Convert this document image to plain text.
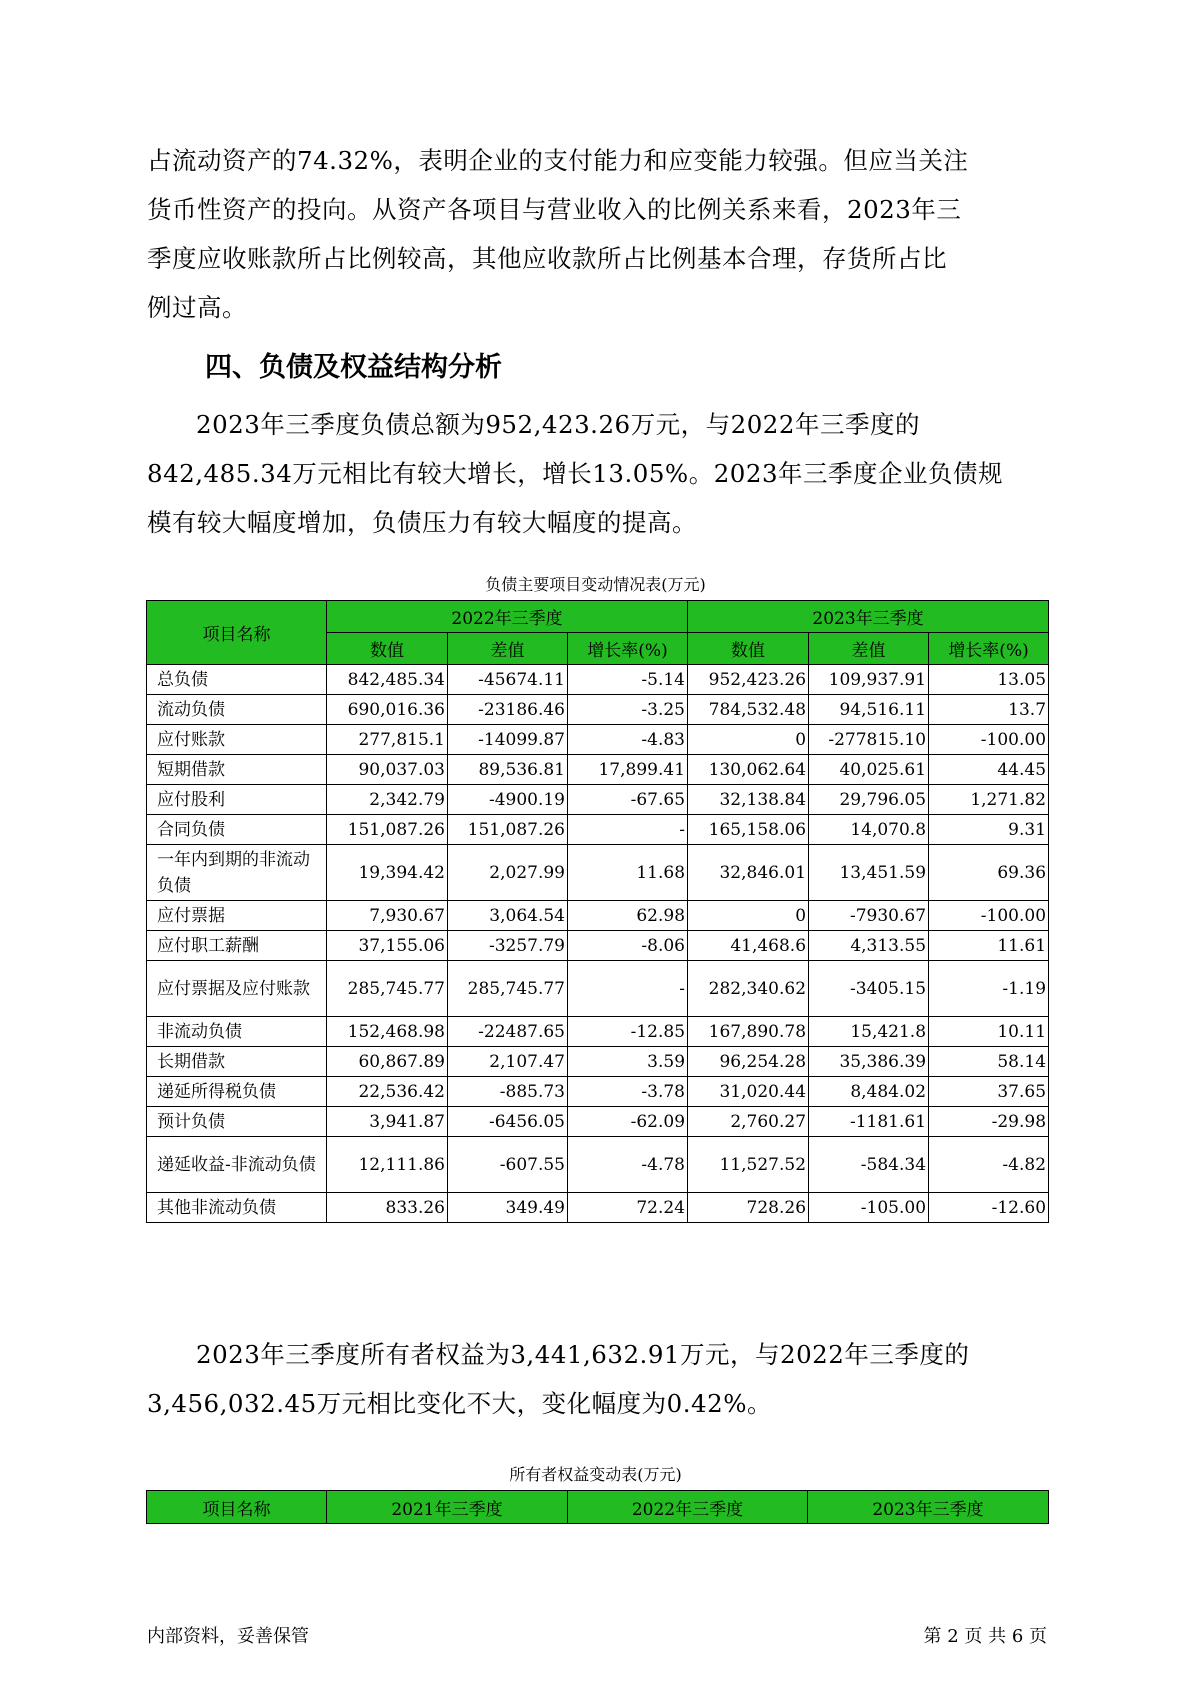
占流动资产的74.32%，表明企业的支付能力和应变能力较强。但应当关注
货币性资产的投向。从资产各项目与营业收入的比例关系来看，2023年三
季度应收账款所占比例较高，其他应收款所占比例基本合理，存货所占比
例过高。
四、负债及权益结构分析
2023年三季度负债总额为952,423.26万元，与2022年三季度的
842,485.34万元相比有较大增长，增长13.05%。2023年三季度企业负债规
模有较大幅度增加，负债压力有较大幅度的提高。
负债主要项目变动情况表(万元)
项目名称	2022年三季度			2023年三季度		
	数值	差值	增长率(%)	数值	差值	增长率(%)
总负债	842,485.34	-45674.11	-5.14	952,423.26	109,937.91	13.05
流动负债	690,016.36	-23186.46	-3.25	784,532.48	94,516.11	13.7
应付账款	277,815.1	-14099.87	-4.83	0	-277815.10	-100.00
短期借款	90,037.03	89,536.81	17,899.41	130,062.64	40,025.61	44.45
应付股利	2,342.79	-4900.19	-67.65	32,138.84	29,796.05	1,271.82
合同负债	151,087.26	151,087.26	-	165,158.06	14,070.8	9.31
一年内到期的非流动负债	19,394.42	2,027.99	11.68	32,846.01	13,451.59	69.36
应付票据	7,930.67	3,064.54	62.98	0	-7930.67	-100.00
应付职工薪酬	37,155.06	-3257.79	-8.06	41,468.6	4,313.55	11.61
应付票据及应付账款	285,745.77	285,745.77	-	282,340.62	-3405.15	-1.19
非流动负债	152,468.98	-22487.65	-12.85	167,890.78	15,421.8	10.11
长期借款	60,867.89	2,107.47	3.59	96,254.28	35,386.39	58.14
递延所得税负债	22,536.42	-885.73	-3.78	31,020.44	8,484.02	37.65
预计负债	3,941.87	-6456.05	-62.09	2,760.27	-1181.61	-29.98
递延收益-非流动负债	12,111.86	-607.55	-4.78	11,527.52	-584.34	-4.82
其他非流动负债	833.26	349.49	72.24	728.26	-105.00	-12.60
2023年三季度所有者权益为3,441,632.91万元，与2022年三季度的
3,456,032.45万元相比变化不大，变化幅度为0.42%。
所有者权益变动表(万元)
项目名称	2021年三季度	2022年三季度	2023年三季度
内部资料，妥善保管	第 2 页 共 6 页
